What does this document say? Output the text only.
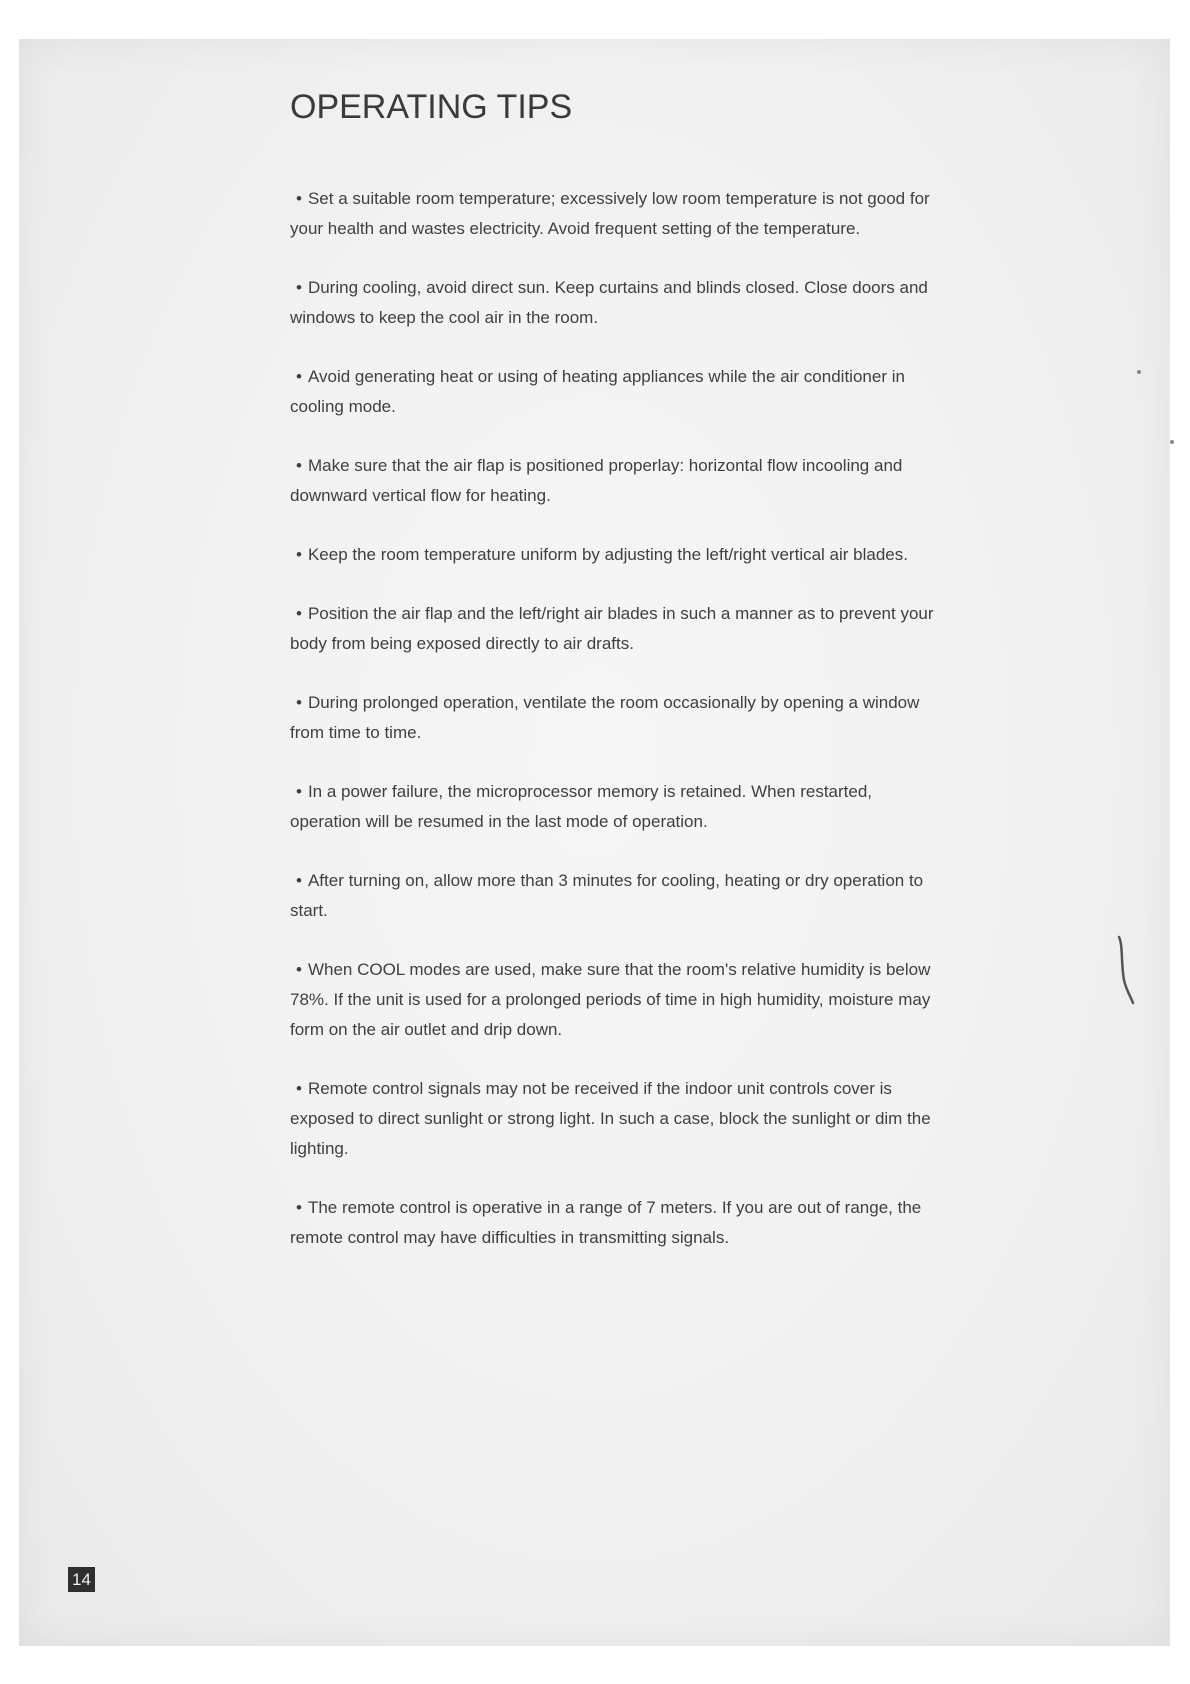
OPERATING TIPS
• Set a suitable room temperature; excessively low room temperature is not good for your health and wastes electricity. Avoid frequent setting of the temperature.
• During cooling, avoid direct sun. Keep curtains and blinds closed. Close doors and windows to keep the cool air in the room.
• Avoid generating heat or using of heating appliances while the air conditioner in cooling mode.
• Make sure that the air flap is positioned properlay: horizontal flow incooling and downward vertical flow for heating.
• Keep the room temperature uniform by adjusting the left/right vertical air blades.
• Position the air flap and the left/right air blades in such a manner as to prevent your body from being exposed directly to air drafts.
• During prolonged operation, ventilate the room occasionally by opening a window from time to time.
• In a power failure, the microprocessor memory is retained. When restarted, operation will be resumed in the last mode of operation.
• After turning on, allow more than 3 minutes for cooling, heating or dry operation to start.
• When COOL modes are used, make sure that the room's relative humidity is below 78%. If the unit is used for a prolonged periods of time in high humidity, moisture may form on the air outlet and drip down.
• Remote control signals may not be received if the indoor unit controls cover is exposed to direct sunlight or strong light. In such a case, block the sunlight or dim the lighting.
• The remote control is operative in a range of 7 meters. If you are out of range, the remote control may have difficulties in transmitting signals.
14
